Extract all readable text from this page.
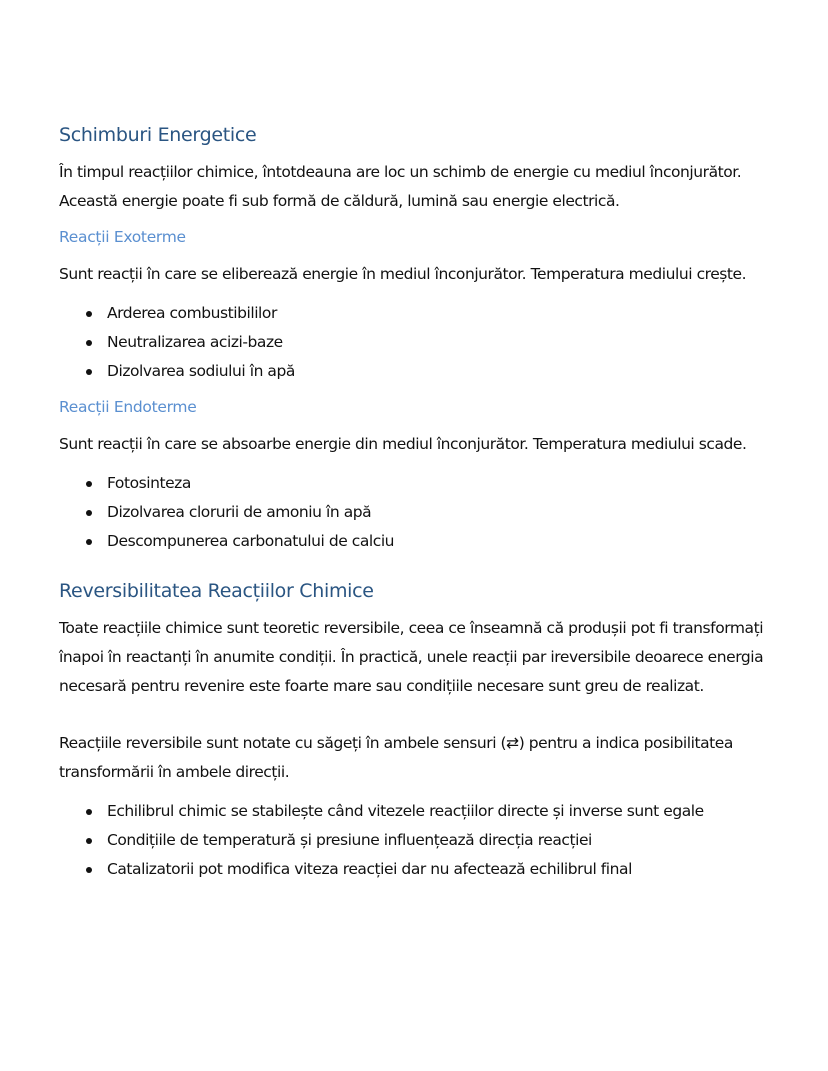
Schimburi Energetice

În timpul reacțiilor chimice, întotdeauna are loc un schimb de energie cu mediul înconjurător. Această energie poate fi sub formă de căldură, lumină sau energie electrică.

Reacții Exoterme

Sunt reacții în care se eliberează energie în mediul înconjurător. Temperatura mediului crește.

Arderea combustibililor
Neutralizarea acizi-baze
Dizolvarea sodiului în apă
Reacții Endoterme

Sunt reacții în care se absoarbe energie din mediul înconjurător. Temperatura mediului scade.

Fotosinteza
Dizolvarea clorurii de amoniu în apă
Descompunerea carbonatului de calciu
Reversibilitatea Reacțiilor Chimice

Toate reacțiile chimice sunt teoretic reversibile, ceea ce înseamnă că produșii pot fi transformați înapoi în reactanți în anumite condiții. În practică, unele reacții par ireversibile deoarece energia necesară pentru revenire este foarte mare sau condițiile necesare sunt greu de realizat.

Reacțiile reversibile sunt notate cu săgeți în ambele sensuri (⇄) pentru a indica posibilitatea transformării în ambele direcții.

Echilibrul chimic se stabilește când vitezele reacțiilor directe și inverse sunt egale
Condițiile de temperatură și presiune influențează direcția reacției
Catalizatorii pot modifica viteza reacției dar nu afectează echilibrul final
